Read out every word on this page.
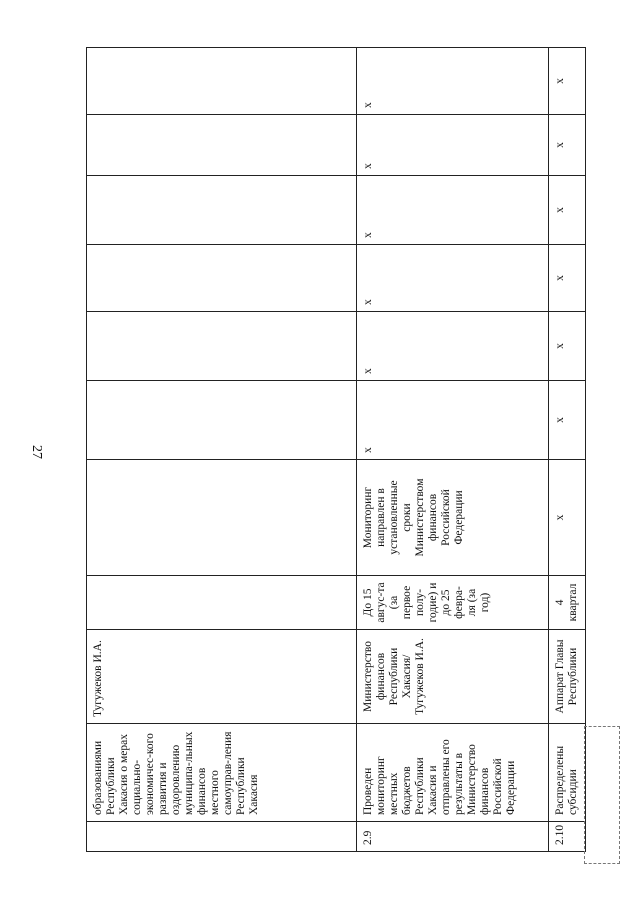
27
	образованиями Республики Хакасия о мерах социально-экономичес-кого развития и оздоровлению муниципа-льных финансов местного самоуправ-ления Республики Хакасия	Тугужеков И.А.								
2.9	Проведен мониторинг местных бюджетов Республики Хакасия и отправлены его результаты в Министерство финансов Российской Федерации	Министерство финансов Республики Хакасия/ Тугужеков И.А.	До 15 авгус-та (за первое полу-годие) и до 25 февра-ля (за год)	Мониторинг направлен в установленные сроки Министерством финансов Российской Федерации	x	x	x	x	x	x
2.10	Распределены субсидии	Аппарат Главы Республики	4 квартал	x	x	x	x	x	x	x
